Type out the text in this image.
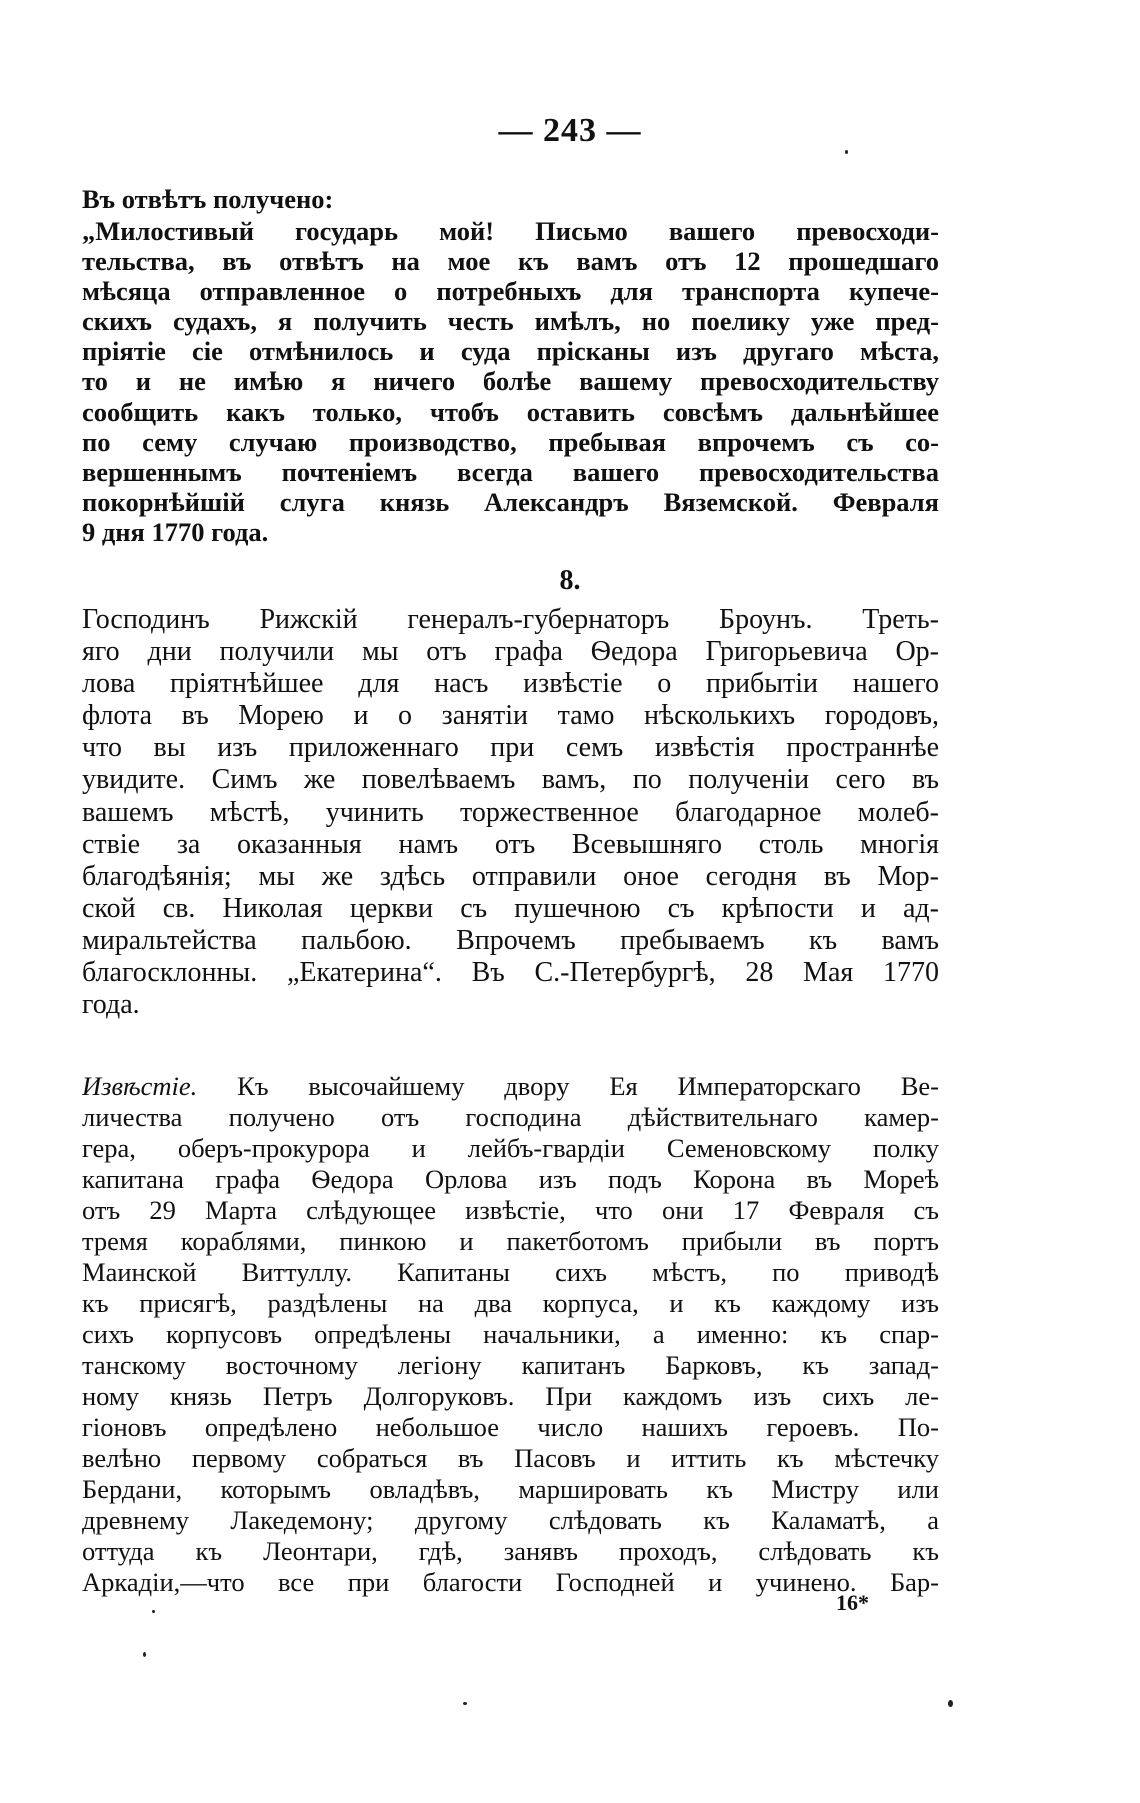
— 243 —
Въ отвѣтъ получено:
„Милостивый государь мой! Письмо вашего превосходи-
тельства, въ отвѣтъ на мое къ вамъ отъ 12 прошедшаго
мѣсяца отправленное о потребныхъ для транспорта купече-
скихъ судахъ, я получить честь имѣлъ, но поелику уже пред-
пріятіе сіе отмѣнилось и суда прісканы изъ другаго мѣста,
то и не имѣю я ничего болѣе вашему превосходительству
сообщить какъ только, чтобъ оставить совсѣмъ дальнѣйшее
по сему случаю производство, пребывая впрочемъ съ со-
вершеннымъ почтеніемъ всегда вашего превосходительства
покорнѣйшій слуга князь Александръ Вяземской. Февраля
9 дня 1770 года.
8.
Господинъ Рижскій генералъ-губернаторъ Броунъ. Треть-
яго дни получили мы отъ графа Ѳедора Григорьевича Ор-
лова пріятнѣйшее для насъ извѣстіе о прибытіи нашего
флота въ Морею и о занятіи тамо нѣсколькихъ городовъ,
что вы изъ приложеннаго при семъ извѣстія пространнѣе
увидите. Симъ же повелѣваемъ вамъ, по полученіи сего въ
вашемъ мѣстѣ, учинить торжественное благодарное молеб-
ствіе за оказанныя намъ отъ Всевышняго столь многія
благодѣянія; мы же здѣсь отправили оное сегодня въ Мор-
ской св. Николая церкви съ пушечною съ крѣпости и ад-
миральтейства пальбою. Впрочемъ пребываемъ къ вамъ
благосклонны. „Екатерина“. Въ С.-Петербургѣ, 28 Мая 1770
года.
Извѣстіе. Къ высочайшему двору Ея Императорскаго Ве-
личества получено отъ господина дѣйствительнаго камер-
гера, оберъ-прокурора и лейбъ-гвардіи Семеновскому полку
капитана графа Ѳедора Орлова изъ подъ Корона въ Мореѣ
отъ 29 Марта слѣдующее извѣстіе, что они 17 Февраля съ
тремя кораблями, пинкою и пакетботомъ прибыли въ портъ
Маинской Виттуллу. Капитаны сихъ мѣстъ, по приводѣ
къ присягѣ, раздѣлены на два корпуса, и къ каждому изъ
сихъ корпусовъ опредѣлены начальники, а именно: къ спар-
танскому восточному легіону капитанъ Барковъ, къ запад-
ному князь Петръ Долгоруковъ. При каждомъ изъ сихъ ле-
гіоновъ опредѣлено небольшое число нашихъ героевъ. По-
велѣно первому собраться въ Пасовъ и иттить къ мѣстечку
Бердани, которымъ овладѣвъ, маршировать къ Мистру или
древнему Лакедемону; другому слѣдовать къ Каламатѣ, а
оттуда къ Леонтари, гдѣ, занявъ проходъ, слѣдовать къ
Аркадіи,—что все при благости Господней и учинено. Бар-
16*
